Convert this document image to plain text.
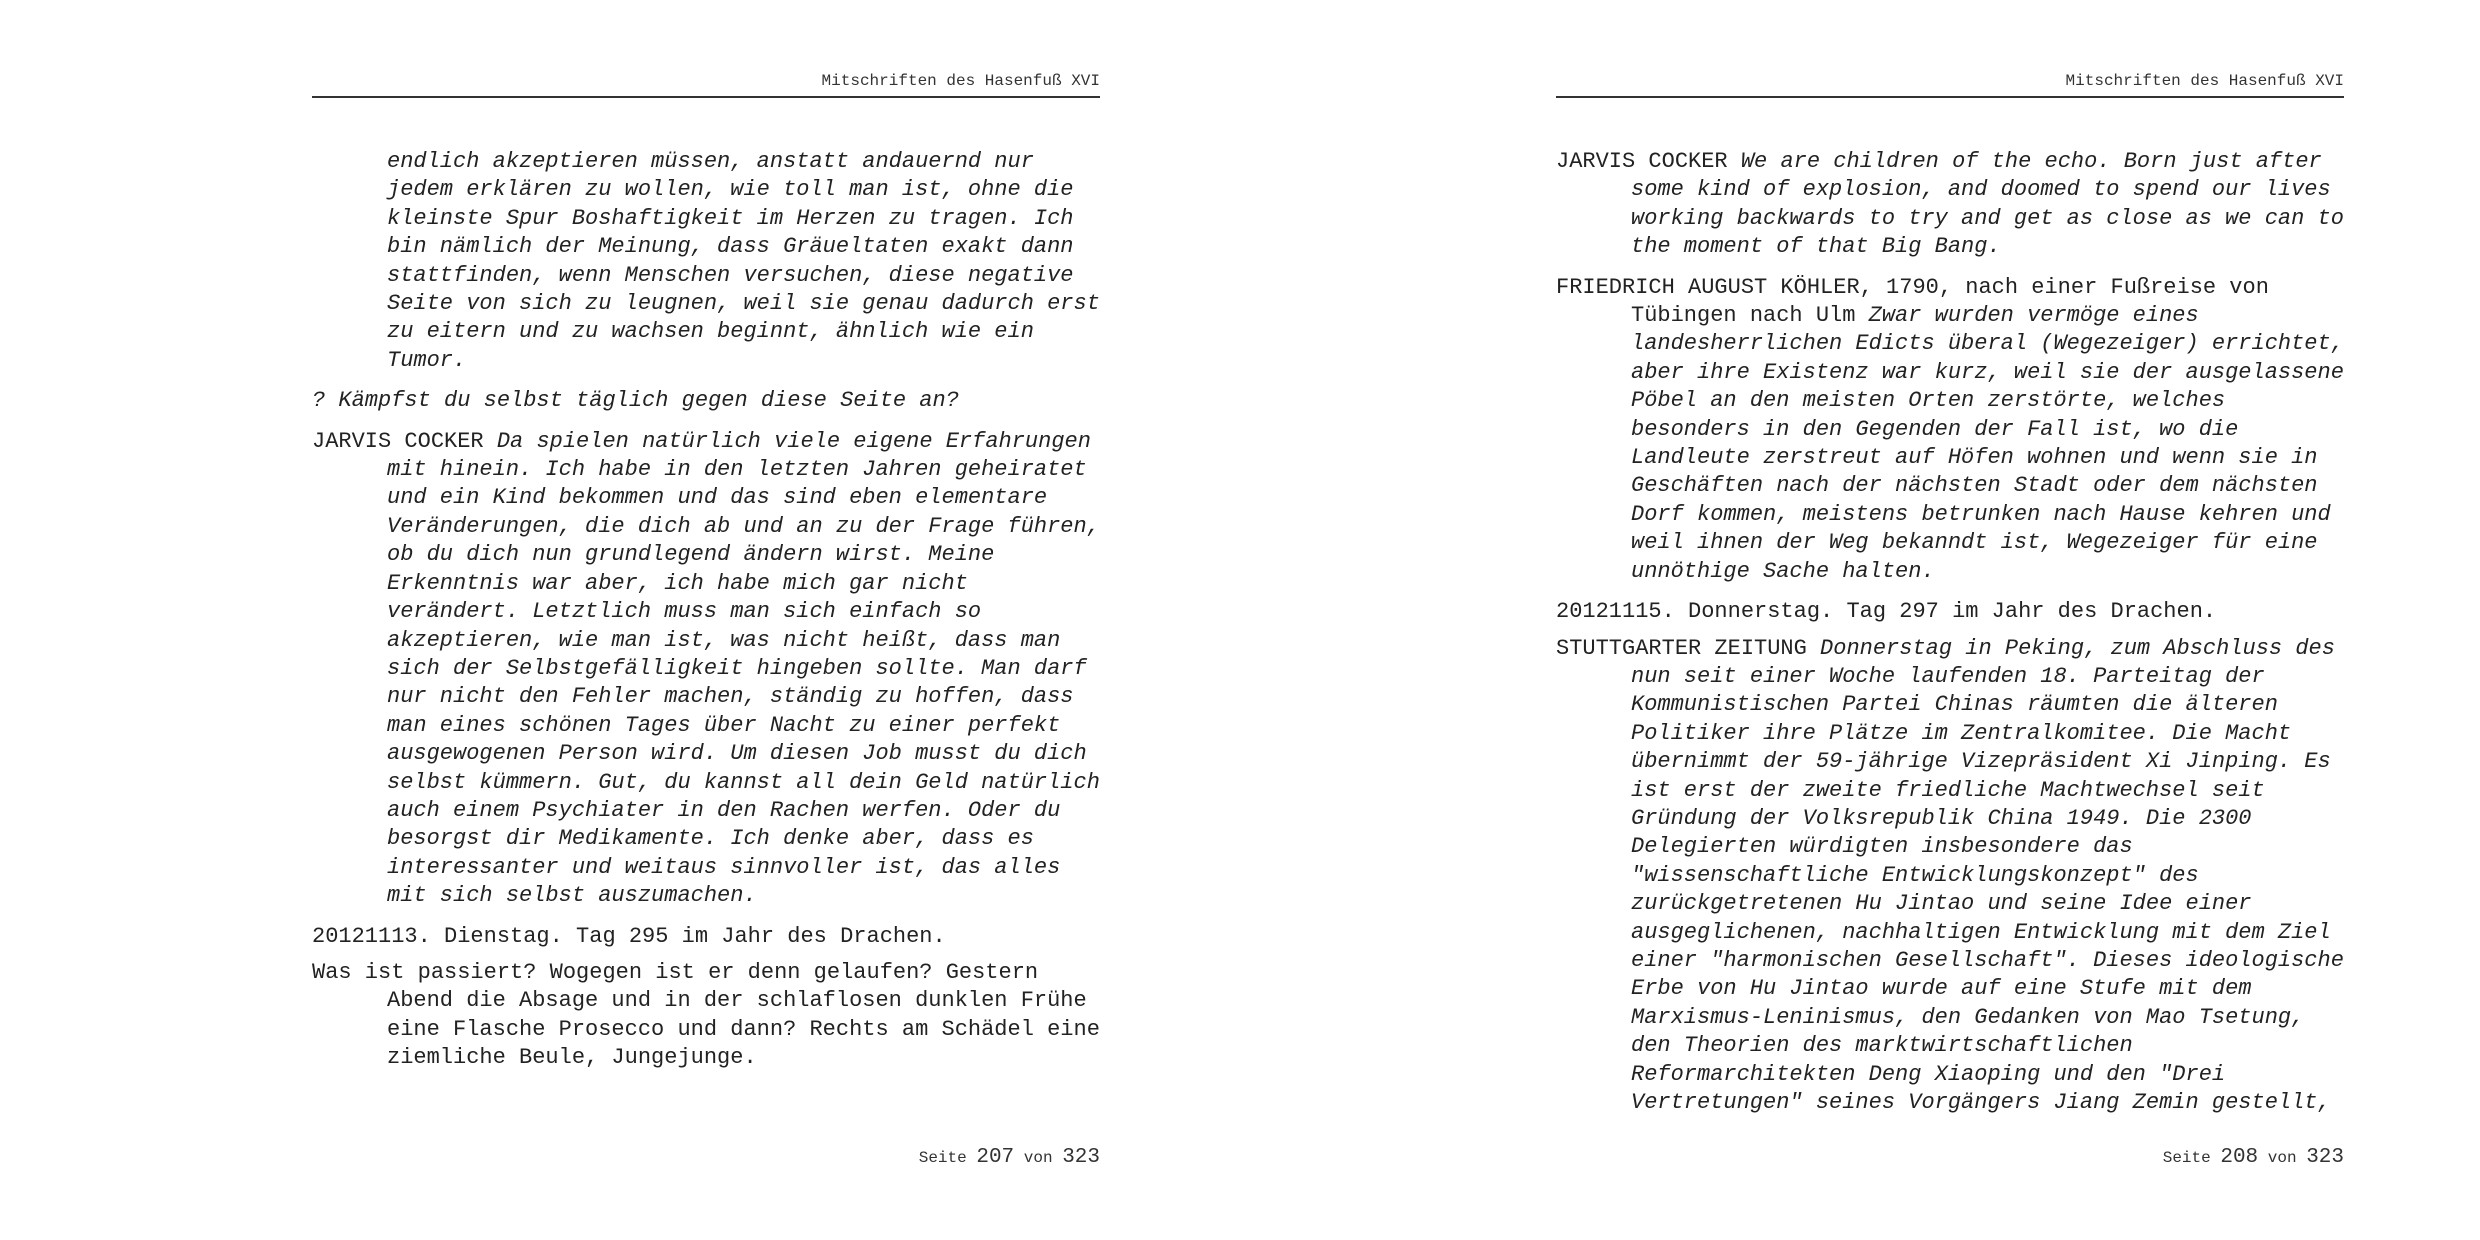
Mitschriften des Hasenfuß XVI

endlich akzeptieren müssen, anstatt andauernd nur jedem erklären zu wollen, wie toll man ist, ohne die kleinste Spur Boshaftigkeit im Herzen zu tragen. Ich bin nämlich der Meinung, dass Gräueltaten exakt dann stattfinden, wenn Menschen versuchen, diese negative Seite von sich zu leugnen, weil sie genau dadurch erst zu eitern und zu wachsen beginnt, ähnlich wie ein Tumor.

? Kämpfst du selbst täglich gegen diese Seite an?

JARVIS COCKER Da spielen natürlich viele eigene Erfahrungen mit hinein. Ich habe in den letzten Jahren geheiratet und ein Kind bekommen und das sind eben elementare Veränderungen, die dich ab und an zu der Frage führen, ob du dich nun grundlegend ändern wirst. Meine Erkenntnis war aber, ich habe mich gar nicht verändert. Letztlich muss man sich einfach so akzeptieren, wie man ist, was nicht heißt, dass man sich der Selbstgefälligkeit hingeben sollte. Man darf nur nicht den Fehler machen, ständig zu hoffen, dass man eines schönen Tages über Nacht zu einer perfekt ausgewogenen Person wird. Um diesen Job musst du dich selbst kümmern. Gut, du kannst all dein Geld natürlich auch einem Psychiater in den Rachen werfen. Oder du besorgst dir Medikamente. Ich denke aber, dass es interessanter und weitaus sinnvoller ist, das alles mit sich selbst auszumachen.

20121113. Dienstag. Tag 295 im Jahr des Drachen.

Was ist passiert? Wogegen ist er denn gelaufen? Gestern Abend die Absage und in der schlaflosen dunklen Frühe eine Flasche Prosecco und dann? Rechts am Schädel eine ziemliche Beule, Jungejunge.

Seite 207 von 323
Mitschriften des Hasenfuß XVI

JARVIS COCKER We are children of the echo. Born just after some kind of explosion, and doomed to spend our lives working backwards to try and get as close as we can to the moment of that Big Bang.

FRIEDRICH AUGUST KÖHLER, 1790, nach einer Fußreise von Tübingen nach Ulm Zwar wurden vermöge eines landesherrlichen Edicts überal (Wegezeiger) errichtet, aber ihre Existenz war kurz, weil sie der ausgelassene Pöbel an den meisten Orten zerstörte, welches besonders in den Gegenden der Fall ist, wo die Landleute zerstreut auf Höfen wohnen und wenn sie in Geschäften nach der nächsten Stadt oder dem nächsten Dorf kommen, meistens betrunken nach Hause kehren und weil ihnen der Weg bekanndt ist, Wegezeiger für eine unnöthige Sache halten.

20121115. Donnerstag. Tag 297 im Jahr des Drachen.

STUTTGARTER ZEITUNG Donnerstag in Peking, zum Abschluss des nun seit einer Woche laufenden 18. Parteitag der Kommunistischen Partei Chinas räumten die älteren Politiker ihre Plätze im Zentralkomitee. Die Macht übernimmt der 59-jährige Vizepräsident Xi Jinping. Es ist erst der zweite friedliche Machtwechsel seit Gründung der Volksrepublik China 1949. Die 2300 Delegierten würdigten insbesondere das "wissenschaftliche Entwicklungskonzept" des zurückgetretenen Hu Jintao und seine Idee einer ausgeglichenen, nachhaltigen Entwicklung mit dem Ziel einer "harmonischen Gesellschaft". Dieses ideologische Erbe von Hu Jintao wurde auf eine Stufe mit dem Marxismus-Leninismus, den Gedanken von Mao Tsetung, den Theorien des marktwirtschaftlichen Reformarchitekten Deng Xiaoping und den "Drei Vertretungen" seines Vorgängers Jiang Zemin gestellt,

Seite 208 von 323
